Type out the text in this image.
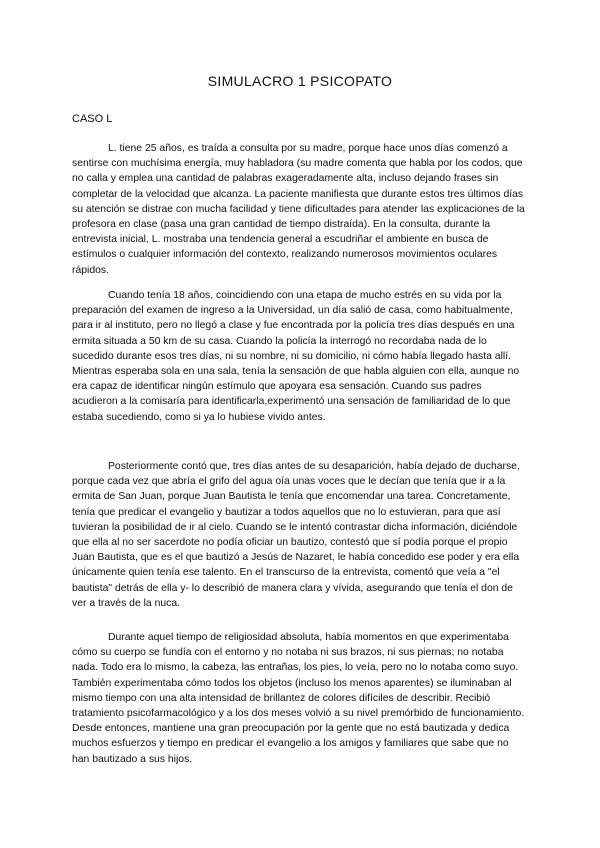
SIMULACRO 1 PSICOPATO

CASO L

L. tiene 25 años, es traída a consulta por su madre, porque hace unos días comenzó a sentirse con muchísima energía, muy habladora (su madre comenta que habla por los codos, que no calla y emplea una cantidad de palabras exageradamente alta, incluso dejando frases sin completar de la velocidad que alcanza. La paciente manifiesta que durante estos tres últimos días su atención se distrae con mucha facilidad y tiene dificultades para atender las explicaciones de la profesora en clase (pasa una gran cantidad de tiempo distraída). En la consulta, durante la entrevista inicial, L. mostraba una tendencia general a escudriñar el ambiente en busca de estímulos o cualquier información del contexto, realizando numerosos movimientos oculares rápidos.

Cuando tenía 18 años, coincidiendo con una etapa de mucho estrés en su vida por la preparación del examen de ingreso a la Universidad, un día salió de casa, como habitualmente, para ir al instituto, pero no llegó a clase y fue encontrada por la policía tres días después en una ermita situada a 50 km de su casa. Cuando la policía la interrogó no recordaba nada de lo sucedido durante esos tres días, ni su nombre, ni su domicilio, ni cómo había llegado hasta allí. Mientras esperaba sola en una sala, tenía la sensación de que habla alguien con ella, aunque no era capaz de identificar ningún estímulo que apoyara esa sensación. Cuando sus padres acudieron a la comisaría para identificarla,experimentó una sensación de familiaridad de lo que estaba sucediendo, como si ya lo hubiese vivido antes.

Posteriormente contó que, tres días antes de su desaparición, había dejado de ducharse, porque cada vez que abría el grifo del agua oía unas voces que le decían que tenía que ir a la ermita de San Juan, porque Juan Bautista le tenía que encomendar una tarea. Concretamente, tenía que predicar el evangelio y bautizar a todos aquellos que no lo estuvieran, para que así tuvieran la posibilidad de ir al cielo. Cuando se le intentó contrastar dicha información, diciéndole que ella al no ser sacerdote no podía oficiar un bautizo, contestó que sí podía porque el propio Juan Bautista, que es el que bautizó a Jesús de Nazaret, le había concedido ese poder y era ella únicamente quien tenía ese talento. En el transcurso de la entrevista, comentó que veía a "el bautista" detrás de ella y- lo describió de manera clara y vívida, asegurando que tenía el don de ver a través de la nuca.

Durante aquel tiempo de religiosidad absoluta, había momentos en que experimentaba cómo su cuerpo se fundía con el entorno y no notaba ni sus brazos, ni sus piernas; no notaba nada. Todo era lo mismo, la cabeza, las entrañas, los pies, lo veía, pero no lo notaba como suyo. También experimentaba cómo todos los objetos (incluso los menos aparentes) se iluminaban al mismo tiempo con una alta intensidad de brillantez de colores difíciles de describir. Recibió tratamiento psicofarmacológico y a los dos meses volvió a su nivel premórbido de funcionamiento. Desde entonces, mantiene una gran preocupación por la gente que no está bautizada y dedica muchos esfuerzos y tiempo en predicar el evangelio a los amigos y familiares que sabe que no han bautizado a sus hijos.
